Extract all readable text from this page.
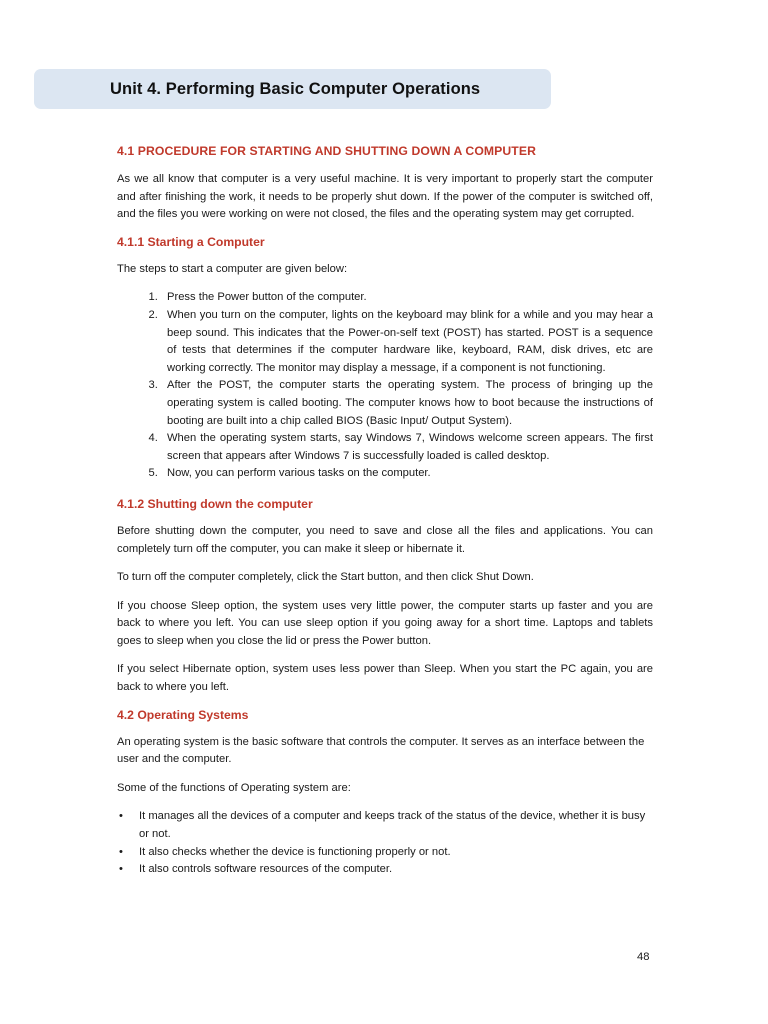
Unit 4. Performing Basic Computer Operations
4.1 PROCEDURE FOR STARTING AND SHUTTING DOWN A COMPUTER

As we all know that computer is a very useful machine. It is very important to properly start the computer and after finishing the work, it needs to be properly shut down. If the power of the computer is switched off, and the files you were working on were not closed, the files and the operating system may get corrupted.

4.1.1 Starting a Computer

The steps to start a computer are given below:

1. Press the Power button of the computer.
2. When you turn on the computer, lights on the keyboard may blink for a while and you may hear a beep sound. This indicates that the Power-on-self text (POST) has started. POST is a sequence of tests that determines if the computer hardware like, keyboard, RAM, disk drives, etc are working correctly. The monitor may display a message, if a component is not functioning.
3. After the POST, the computer starts the operating system. The process of bringing up the operating system is called booting. The computer knows how to boot because the instructions of booting are built into a chip called BIOS (Basic Input/ Output System).
4. When the operating system starts, say Windows 7, Windows welcome screen appears. The first screen that appears after Windows 7 is successfully loaded is called desktop.
5. Now, you can perform various tasks on the computer.
4.1.2 Shutting down the computer

Before shutting down the computer, you need to save and close all the files and applications. You can completely turn off the computer, you can make it sleep or hibernate it.

To turn off the computer completely, click the Start button, and then click Shut Down.

If you choose Sleep option, the system uses very little power, the computer starts up faster and you are back to where you left. You can use sleep option if you going away for a short time. Laptops and tablets goes to sleep when you close the lid or press the Power button.

If you select Hibernate option, system uses less power than Sleep. When you start the PC again, you are back to where you left.

4.2 Operating Systems

An operating system is the basic software that controls the computer. It serves as an interface between the user and the computer.

Some of the functions of Operating system are:

• It manages all the devices of a computer and keeps track of the status of the device, whether it is busy or not.
• It also checks whether the device is functioning properly or not.
• It also controls software resources of the computer.
48
